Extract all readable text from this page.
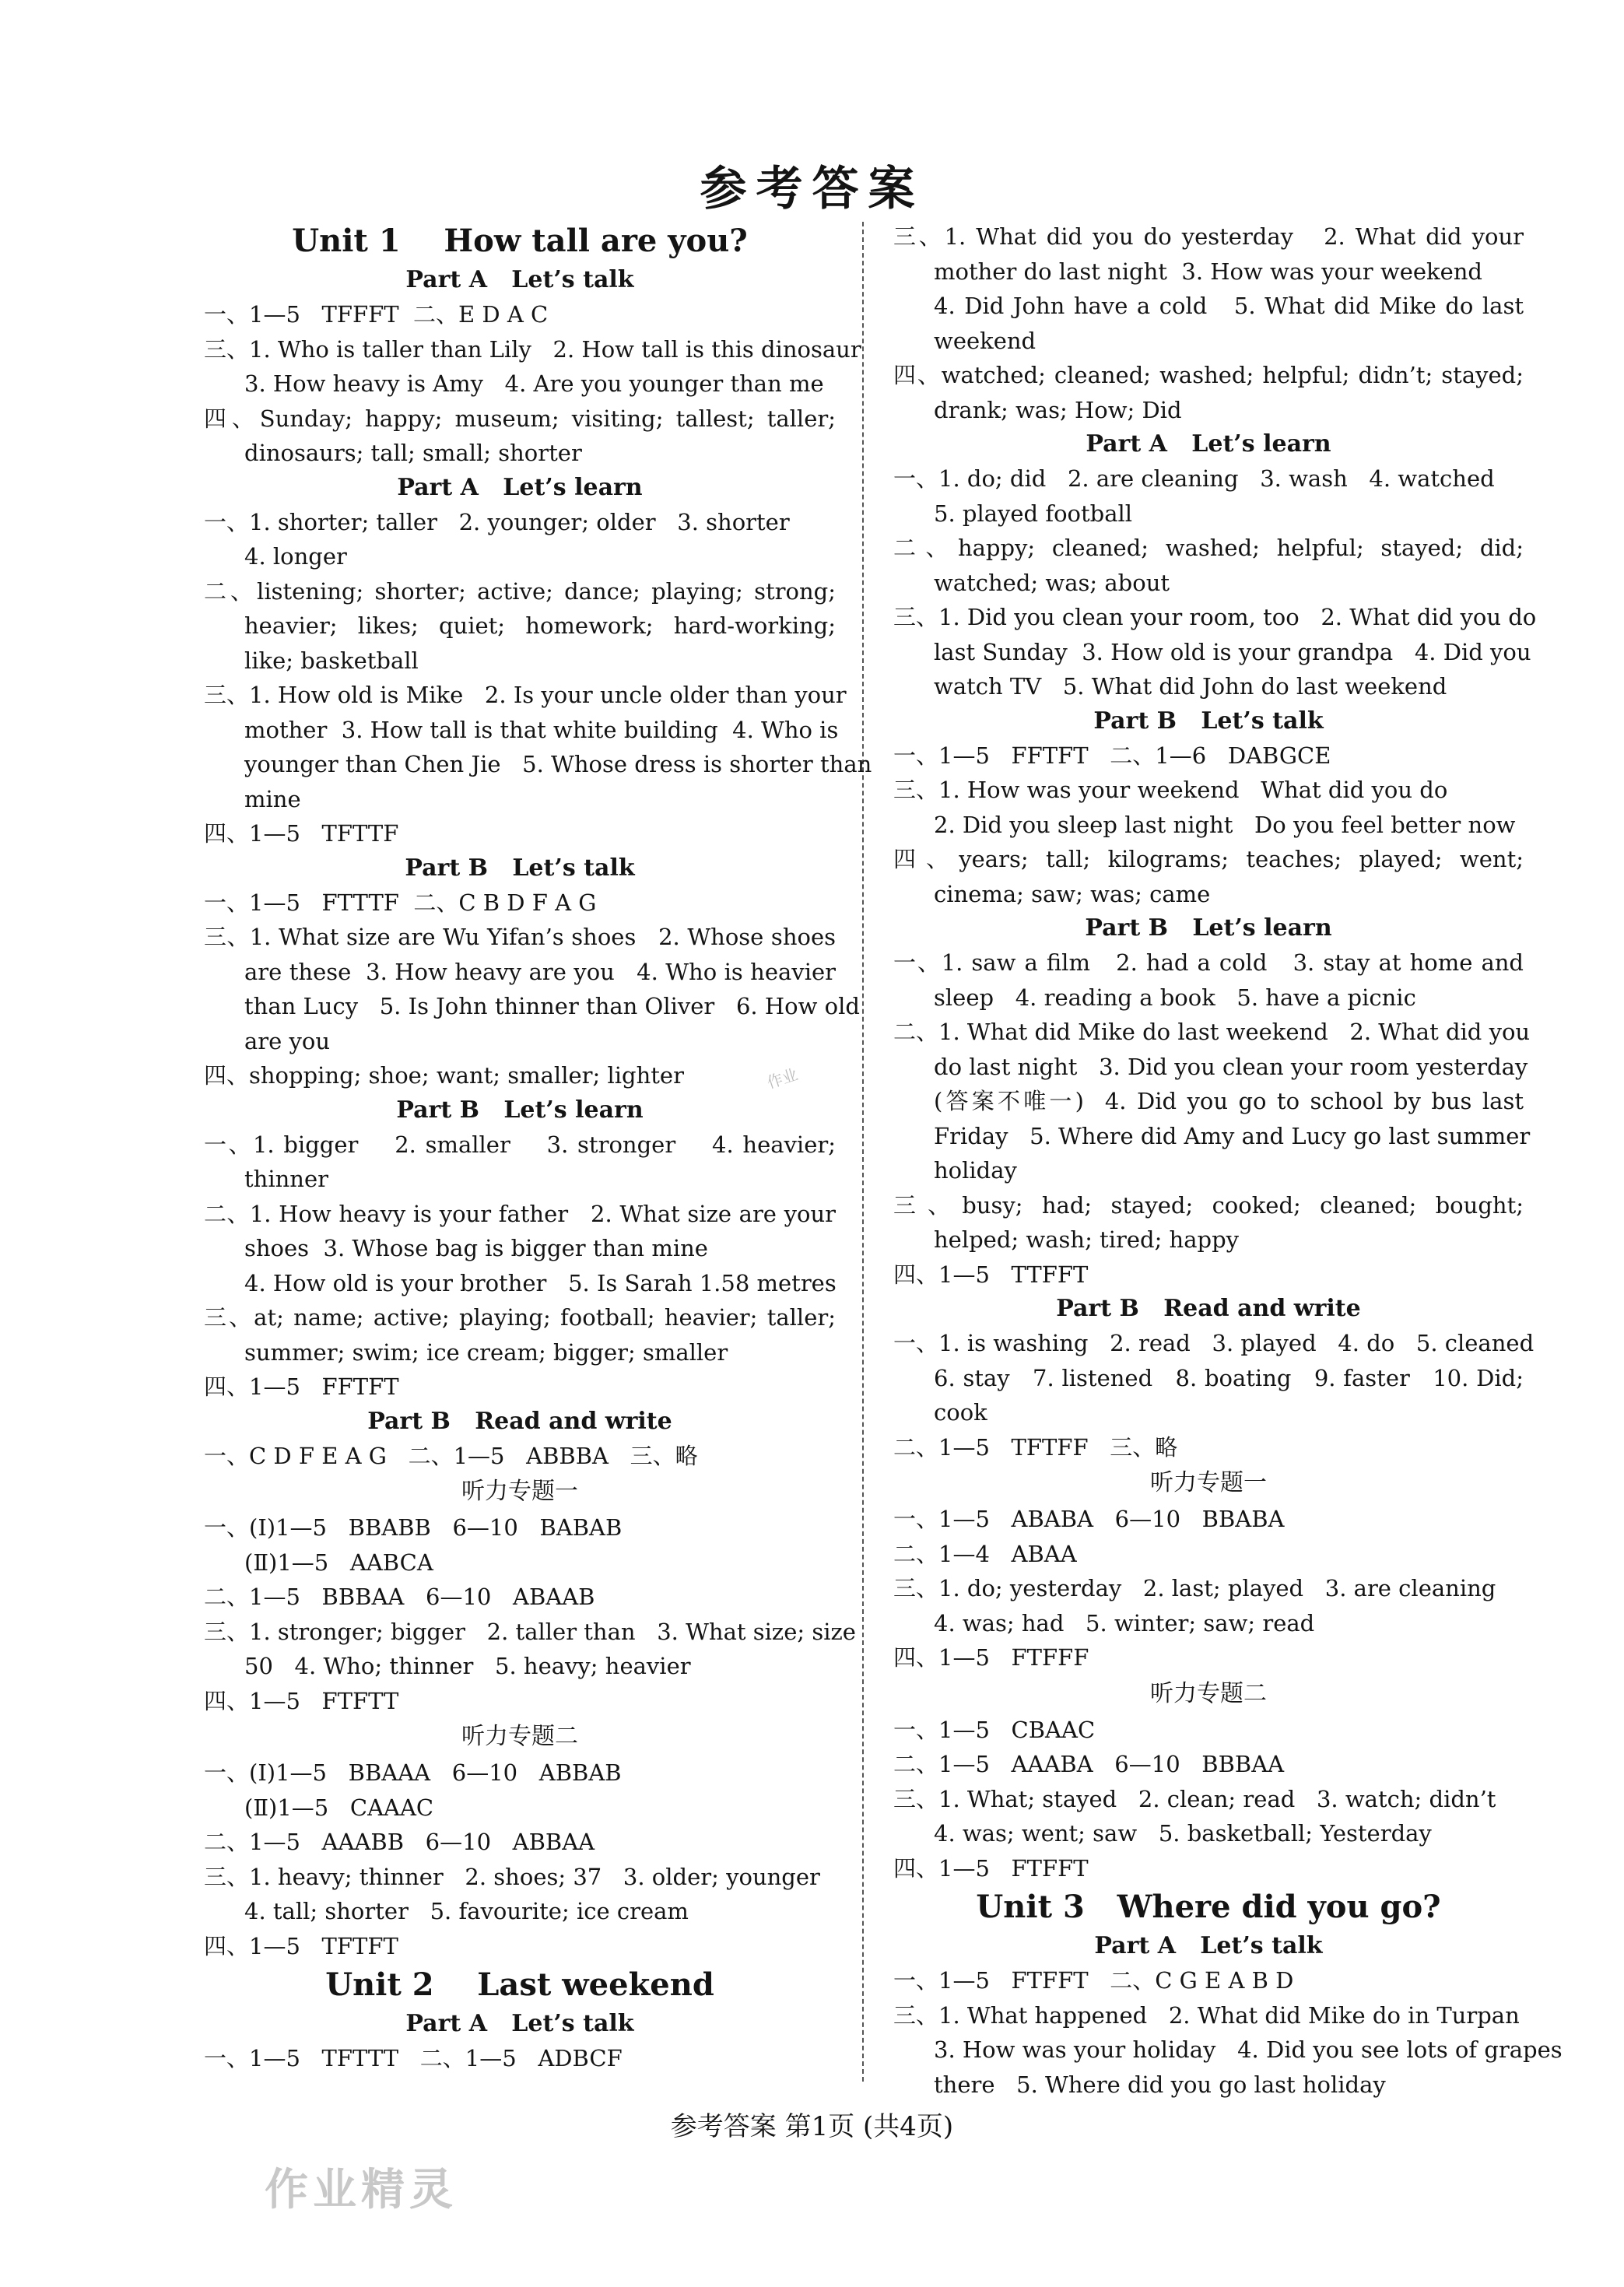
参考答案
Unit 1    How tall are you?
Part A   Let’s talk
一、1—5   TFFFT  二、E D A C
三、1. Who is taller than Lily   2. How tall is this dinosaur
3. How heavy is Amy   4. Are you younger than me
四、Sunday; happy; museum; visiting; tallest; taller;
dinosaurs; tall; small; shorter
Part A   Let’s learn
一、1. shorter; taller   2. younger; older   3. shorter
4. longer
二、listening; shorter; active; dance; playing; strong;
heavier; likes; quiet; homework; hard-working;
like; basketball
三、1. How old is Mike   2. Is your uncle older than your
mother  3. How tall is that white building  4. Who is
younger than Chen Jie   5. Whose dress is shorter than
mine
四、1—5   TFTTF
Part B   Let’s talk
一、1—5   FTTTF  二、C B D F A G
三、1. What size are Wu Yifan’s shoes   2. Whose shoes
are these  3. How heavy are you   4. Who is heavier
than Lucy   5. Is John thinner than Oliver   6. How old
are you
四、shopping; shoe; want; smaller; lighter
Part B   Let’s learn
一、1. bigger    2. smaller    3. stronger    4. heavier;
thinner
二、1. How heavy is your father   2. What size are your
shoes  3. Whose bag is bigger than mine
4. How old is your brother   5. Is Sarah 1.58 metres
三、at; name; active; playing; football; heavier; taller;
summer; swim; ice cream; bigger; smaller
四、1—5   FFTFT
Part B   Read and write
一、C D F E A G   二、1—5   ABBBA   三、略
听力专题一
一、(Ⅰ)1—5   BBABB   6—10   BABAB
(Ⅱ)1—5   AABCA
二、1—5   BBBAA   6—10   ABAAB
三、1. stronger; bigger   2. taller than   3. What size; size
50   4. Who; thinner   5. heavy; heavier
四、1—5   FTFTT
听力专题二
一、(Ⅰ)1—5   BBAAA   6—10   ABBAB
(Ⅱ)1—5   CAAAC
二、1—5   AAABB   6—10   ABBAA
三、1. heavy; thinner   2. shoes; 37   3. older; younger
4. tall; shorter   5. favourite; ice cream
四、1—5   TFTFT
Unit 2    Last weekend
Part A   Let’s talk
一、1—5   TFTTT   二、1—5   ADBCF
三、1. What did you do yesterday   2. What did your
mother do last night  3. How was your weekend
4. Did John have a cold   5. What did Mike do last
weekend
四、watched; cleaned; washed; helpful; didn’t; stayed;
drank; was; How; Did
Part A   Let’s learn
一、1. do; did   2. are cleaning   3. wash   4. watched
5. played football
二、happy; cleaned; washed; helpful; stayed; did;
watched; was; about
三、1. Did you clean your room, too   2. What did you do
last Sunday  3. How old is your grandpa   4. Did you
watch TV   5. What did John do last weekend
Part B   Let’s talk
一、1—5   FFTFT   二、1—6   DABGCE
三、1. How was your weekend   What did you do
2. Did you sleep last night   Do you feel better now
四、years; tall; kilograms; teaches; played; went;
cinema; saw; was; came
Part B   Let’s learn
一、1. saw a film   2. had a cold   3. stay at home and
sleep   4. reading a book   5. have a picnic
二、1. What did Mike do last weekend   2. What did you
do last night   3. Did you clean your room yesterday
(答案不唯一)  4. Did you go to school by bus last
Friday   5. Where did Amy and Lucy go last summer
holiday
三、busy; had; stayed; cooked; cleaned; bought;
helped; wash; tired; happy
四、1—5   TTFFT
Part B   Read and write
一、1. is washing   2. read   3. played   4. do   5. cleaned
6. stay   7. listened   8. boating   9. faster   10. Did;
cook
二、1—5   TFTFF   三、略
听力专题一
一、1—5   ABABA   6—10   BBABA
二、1—4   ABAA
三、1. do; yesterday   2. last; played   3. are cleaning
4. was; had   5. winter; saw; read
四、1—5   FTFFF
听力专题二
一、1—5   CBAAC
二、1—5   AAABA   6—10   BBBAA
三、1. What; stayed   2. clean; read   3. watch; didn’t
4. was; went; saw   5. basketball; Yesterday
四、1—5   FTFFT
Unit 3   Where did you go?
Part A   Let’s talk
一、1—5   FTFFT   二、C G E A B D
三、1. What happened   2. What did Mike do in Turpan
3. How was your holiday   4. Did you see lots of grapes
there   5. Where did you go last holiday
作业
参考答案 第1页 (共4页)
作业精灵
